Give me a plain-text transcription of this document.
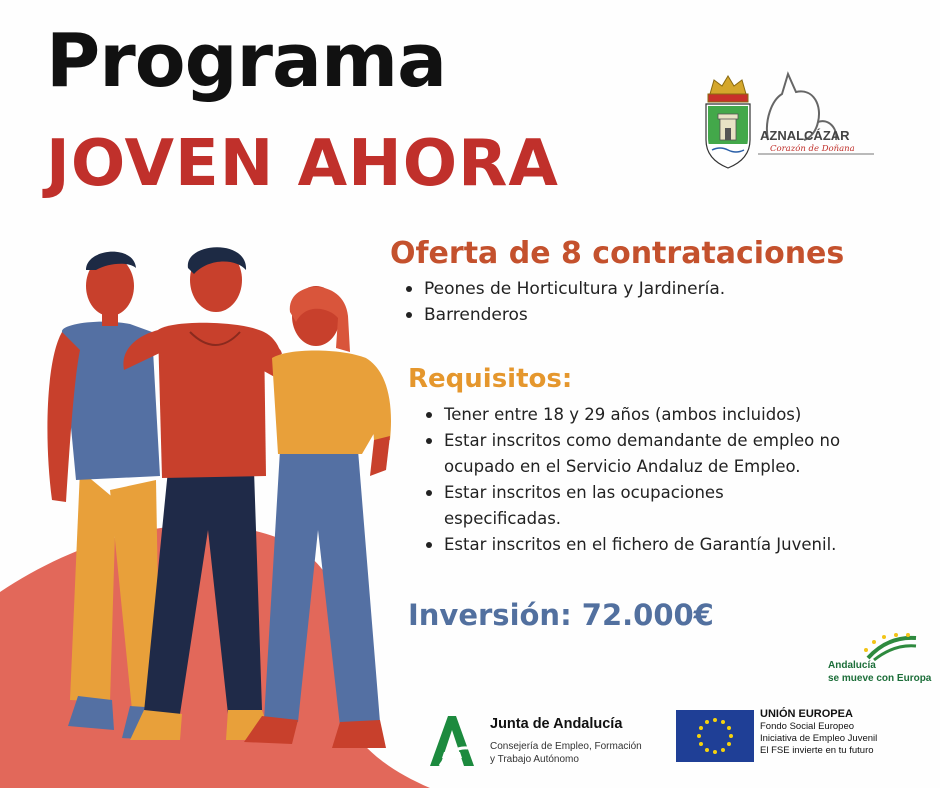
Programa
JOVEN AHORA	AZNALCÁZAR
Corazón de Doñana
Oferta de 8 contrataciones
Peones de Horticultura y Jardinería.
Barrenderos
Requisitos:
Tener entre 18 y 29 años (ambos incluidos)
Estar inscritos como demandante de empleo no ocupado en el Servicio Andaluz de Empleo.
Estar inscritos en las ocupaciones especificadas.
Estar inscritos en el fichero de Garantía Juvenil.
Inversión: 72.000€
Andalucía
se mueve con Europa
Junta de Andalucía
Consejería de Empleo, Formación
y Trabajo Autónomo
UNIÓN EUROPEA
Fondo Social Europeo
Iniciativa de Empleo Juvenil
El FSE invierte en tu futuro
